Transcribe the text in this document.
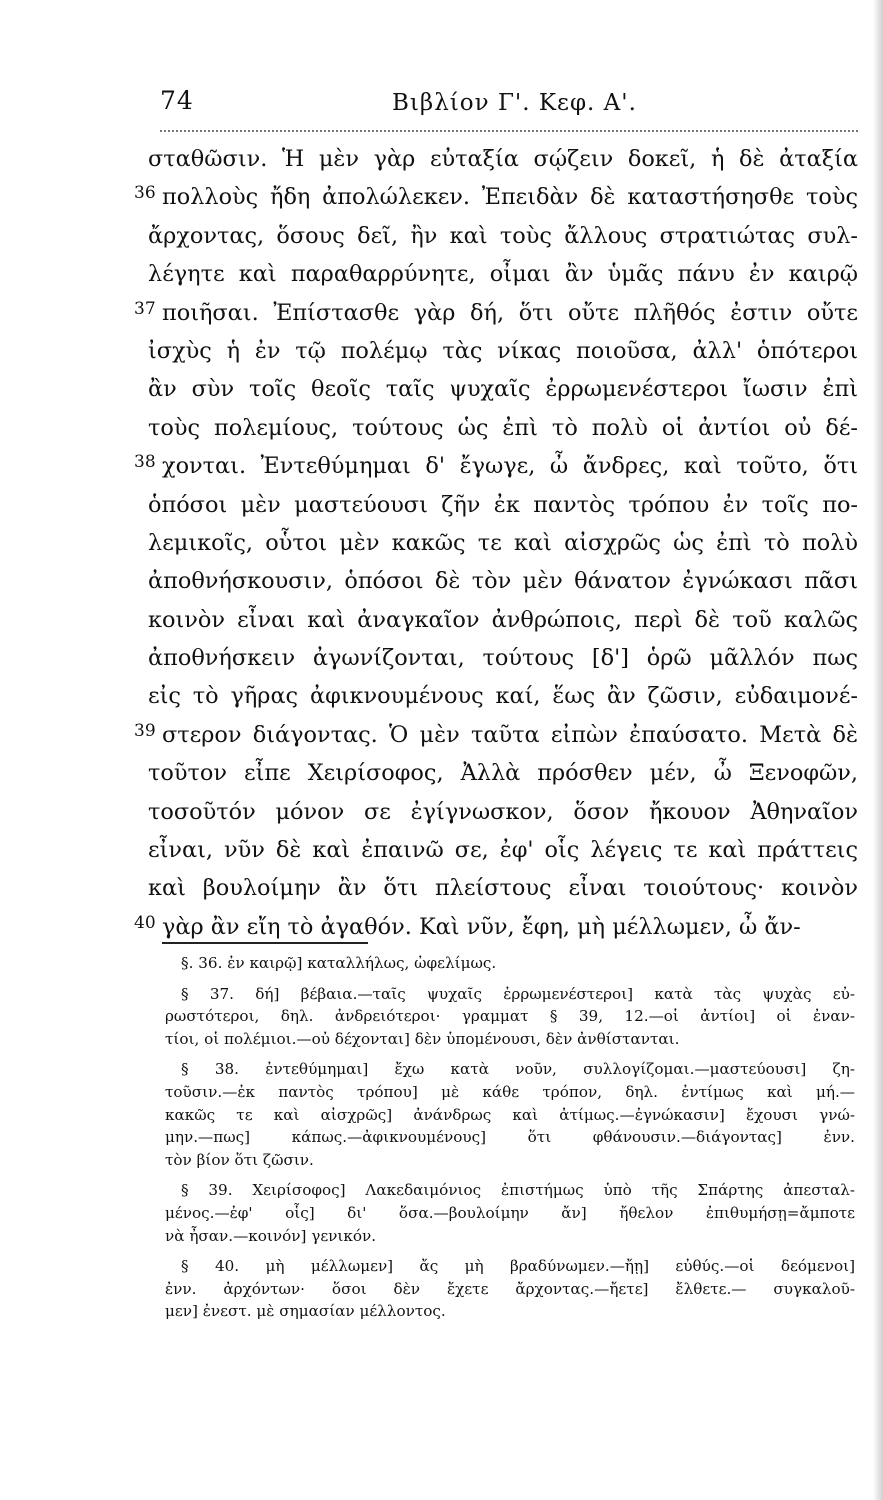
74	Βιβλίον Γ'. Κεφ. Α'.
σταθῶσιν. Ἡ μὲν γὰρ εὐταξία σῴζειν δοκεῖ, ἡ δὲ ἀταξία
36 πολλοὺς ἤδη ἀπολώλεκεν. Ἐπειδὰν δὲ καταστήσησθε τοὺς
ἄρχοντας, ὅσους δεῖ, ἢν καὶ τοὺς ἄλλους στρατιώτας συλ-
λέγητε καὶ παραθαρρύνητε, οἶμαι ἂν ὑμᾶς πάνυ ἐν καιρῷ
37 ποιῆσαι. Ἐπίστασθε γὰρ δή, ὅτι οὔτε πλῆθός ἐστιν οὔτε
ἰσχὺς ἡ ἐν τῷ πολέμῳ τὰς νίκας ποιοῦσα, ἀλλ' ὁπότεροι
ἂν σὺν τοῖς θεοῖς ταῖς ψυχαῖς ἐρρωμενέστεροι ἴωσιν ἐπὶ
τοὺς πολεμίους, τούτους ὡς ἐπὶ τὸ πολὺ οἱ ἀντίοι οὐ δέ-
38 χονται. Ἐντεθύμημαι δ' ἔγωγε, ὦ ἄνδρες, καὶ τοῦτο, ὅτι
ὁπόσοι μὲν μαστεύουσι ζῆν ἐκ παντὸς τρόπου ἐν τοῖς πο-
λεμικοῖς, οὗτοι μὲν κακῶς τε καὶ αἰσχρῶς ὡς ἐπὶ τὸ πολὺ
ἀποθνήσκουσιν, ὁπόσοι δὲ τὸν μὲν θάνατον ἐγνώκασι πᾶσι
κοινὸν εἶναι καὶ ἀναγκαῖον ἀνθρώποις, περὶ δὲ τοῦ καλῶς
ἀποθνήσκειν ἀγωνίζονται, τούτους [δ'] ὁρῶ μᾶλλόν πως
εἰς τὸ γῆρας ἀφικνουμένους καί, ἕως ἂν ζῶσιν, εὐδαιμονέ-
39 στερον διάγοντας. Ὁ μὲν ταῦτα εἰπὼν ἐπαύσατο. Μετὰ δὲ
τοῦτον εἶπε Χειρίσοφος, Ἀλλὰ πρόσθεν μέν, ὦ Ξενοφῶν,
τοσοῦτόν μόνον σε ἐγίγνωσκον, ὅσον ἤκουον Ἀθηναῖον
εἶναι, νῦν δὲ καὶ ἐπαινῶ σε, ἐφ' οἷς λέγεις τε καὶ πράττεις
καὶ βουλοίμην ἂν ὅτι πλείστους εἶναι τοιούτους· κοινὸν
40 γὰρ ἂν εἴη τὸ ἀγαθόν. Καὶ νῦν, ἔφη, μὴ μέλλωμεν, ὦ ἄν-
§. 36. ἐν καιρῷ] καταλλήλως, ὠφελίμως.
§ 37. δή] βέβαια.—ταῖς ψυχαῖς ἐρρωμενέστεροι] κατὰ τὰς ψυχὰς εὐ-
ρωστότεροι, δηλ. ἀνδρειότεροι· γραμματ § 39, 12.—οἱ ἀντίοι] οἱ ἐναν-
τίοι, οἱ πολέμιοι.—οὐ δέχονται] δὲν ὑπομένουσι, δὲν ἀνθίστανται.
§ 38. ἐντεθύμημαι] ἔχω κατὰ νοῦν, συλλογίζομαι.—μαστεύουσι] ζη-
τοῦσιν.—ἐκ παντὸς τρόπου] μὲ κάθε τρόπον, δηλ. ἐντίμως καὶ μή.—
κακῶς τε καὶ αἰσχρῶς] ἀνάνδρως καὶ ἀτίμως.—ἐγνώκασιν] ἔχουσι γνώ-
μην.—πως] κάπως.—ἀφικνουμένους] ὅτι φθάνουσιν.—διάγοντας] ἐνν.
τὸν βίον ὅτι ζῶσιν.
§ 39. Χειρίσοφος] Λακεδαιμόνιος ἐπιστήμως ὑπὸ τῆς Σπάρτης ἀπεσταλ-
μένος.—ἐφ' οἷς] δι' ὅσα.—βουλοίμην ἄν] ἤθελον ἐπιθυμήσῃ=ἄμποτε
νὰ ἦσαν.—κοινόν] γενικόν.
§ 40. μὴ μέλλωμεν] ἄς μὴ βραδύνωμεν.—ἤῃ] εὐθύς.—οἱ δεόμενοι]
ἐνν. ἀρχόντων· ὅσοι δὲν ἔχετε ἄρχοντας.—ἤετε] ἔλθετε.— συγκαλοῦ-
μεν] ἐνεστ. μὲ σημασίαν μέλλοντος.
